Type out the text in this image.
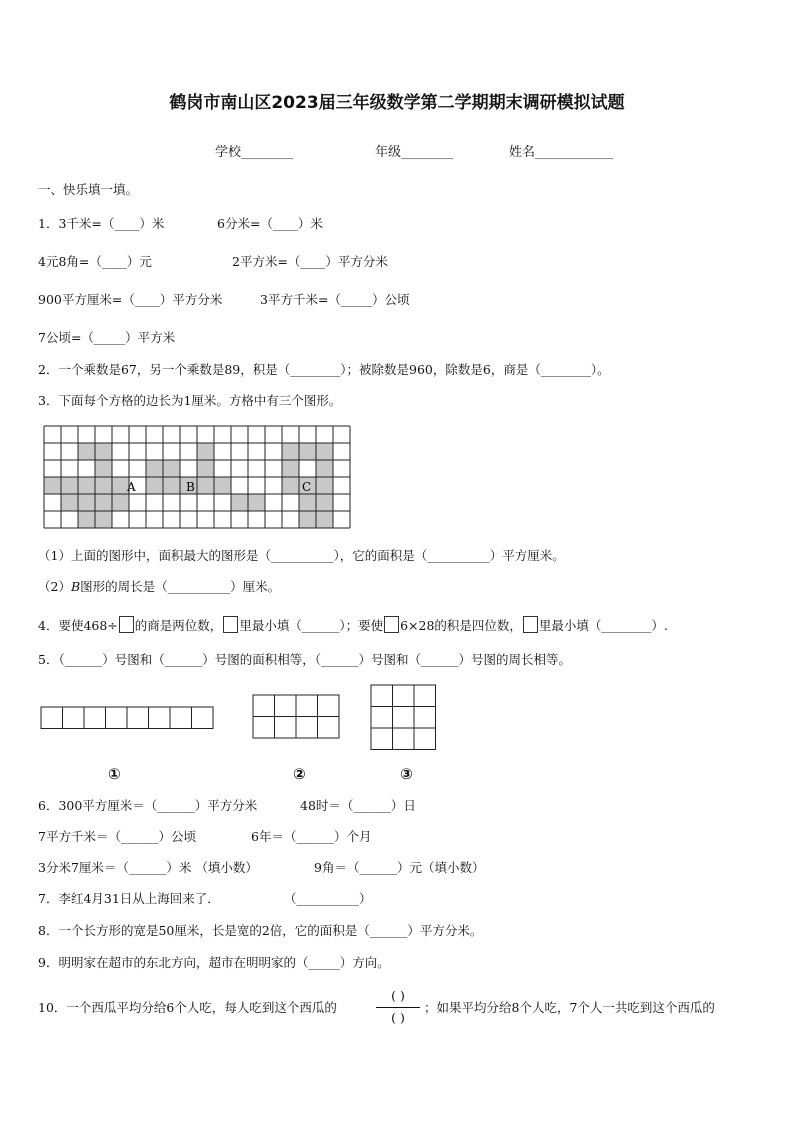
鹤岗市南山区2023届三年级数学第二学期期末调研模拟试题
学校________	年级________	姓名____________
一、快乐填一填。
1．3千米=（____）米	6分米=（____）米
4元8角=（____）元	2平方米=（____）平方分米
900平方厘米=（____）平方分米	3平方千米=（_____）公顷
7公顷=（_____）平方米
2．一个乘数是67，另一个乘数是89，积是（________）；被除数是960，除数是6，商是（________）。
3．下面每个方格的边长为1厘米。方格中有三个图形。
A	B	C
（1）上面的图形中，面积最大的图形是（__________），它的面积是（__________）平方厘米。
（2）B图形的周长是（__________）厘米。
4．要使468÷ 的商是两位数， 里最小填（______）；要使 6×28的积是四位数， 里最小填（________）.
5．（______）号图和（______）号图的面积相等，（______）号图和（______）号图的周长相等。
①	②	③
6．300平方厘米＝（______）平方分米	48时＝（______）日
7平方千米＝（______）公顷	6年＝（______）个月
3分米7厘米＝（______）米 （填小数）	9角＝（______）元（填小数）
7．李红4月31日从上海回来了．	（__________）
8．一个长方形的宽是50厘米，长是宽的2倍，它的面积是（______）平方分米。
9．明明家在超市的东北方向，超市在明明家的（_____）方向。
10．一个西瓜平均分给6个人吃，每人吃到这个西瓜的
( )
( )
；如果平均分给8个人吃，7个人一共吃到这个西瓜的
